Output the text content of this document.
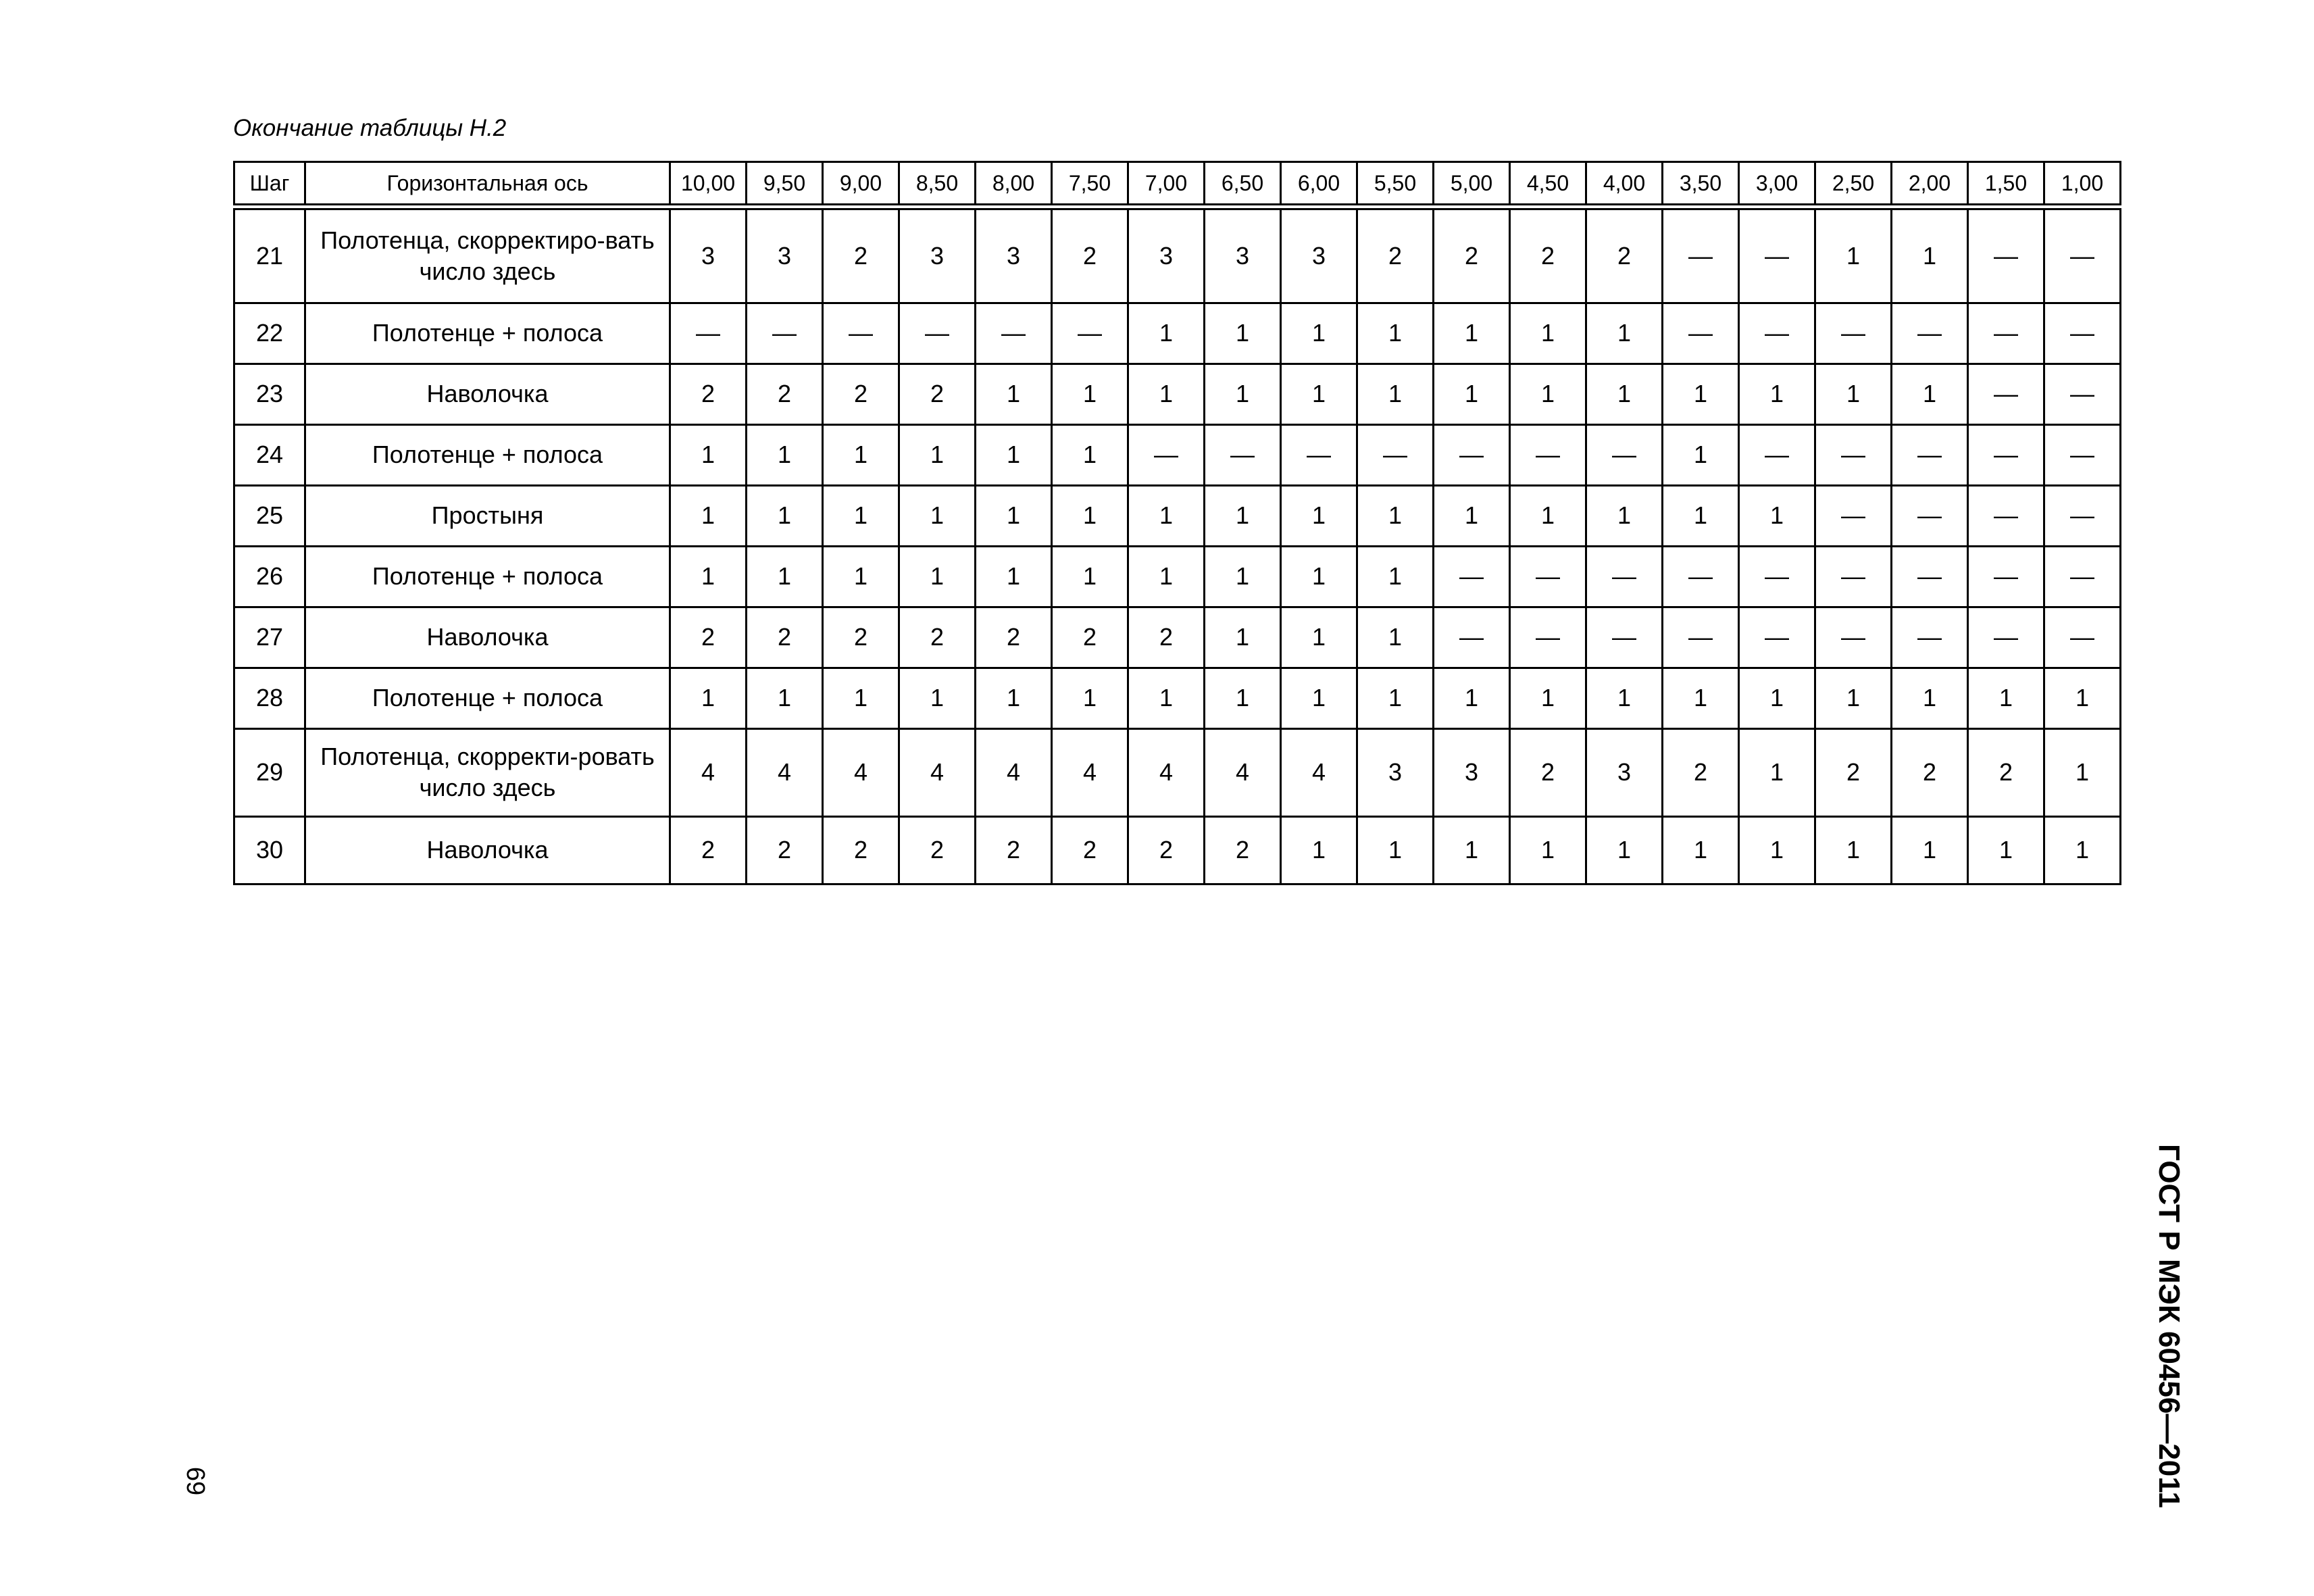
Окончание таблицы Н.2

Шаг	Горизонтальная ось	10,00	9,50	9,00	8,50	8,00	7,50	7,00	6,50	6,00	5,50	5,00	4,50	4,00	3,50	3,00	2,50	2,00	1,50	1,00
21	Полотенца, скорректиро-вать число здесь	3	3	2	3	3	2	3	3	3	2	2	2	2	—	—	1	1	—	—
22	Полотенце + полоса	—	—	—	—	—	—	1	1	1	1	1	1	1	—	—	—	—	—	—
23	Наволочка	2	2	2	2	1	1	1	1	1	1	1	1	1	1	1	1	1	—	—
24	Полотенце + полоса	1	1	1	1	1	1	—	—	—	—	—	—	—	1	—	—	—	—	—
25	Простыня	1	1	1	1	1	1	1	1	1	1	1	1	1	1	1	—	—	—	—
26	Полотенце + полоса	1	1	1	1	1	1	1	1	1	1	—	—	—	—	—	—	—	—	—
27	Наволочка	2	2	2	2	2	2	2	1	1	1	—	—	—	—	—	—	—	—	—
28	Полотенце + полоса	1	1	1	1	1	1	1	1	1	1	1	1	1	1	1	1	1	1	1
29	Полотенца, скорректи-ровать число здесь	4	4	4	4	4	4	4	4	4	3	3	2	3	2	1	2	2	2	1
30	Наволочка	2	2	2	2	2	2	2	2	1	1	1	1	1	1	1	1	1	1	1

69	ГОСТ Р МЭК 60456—2011
